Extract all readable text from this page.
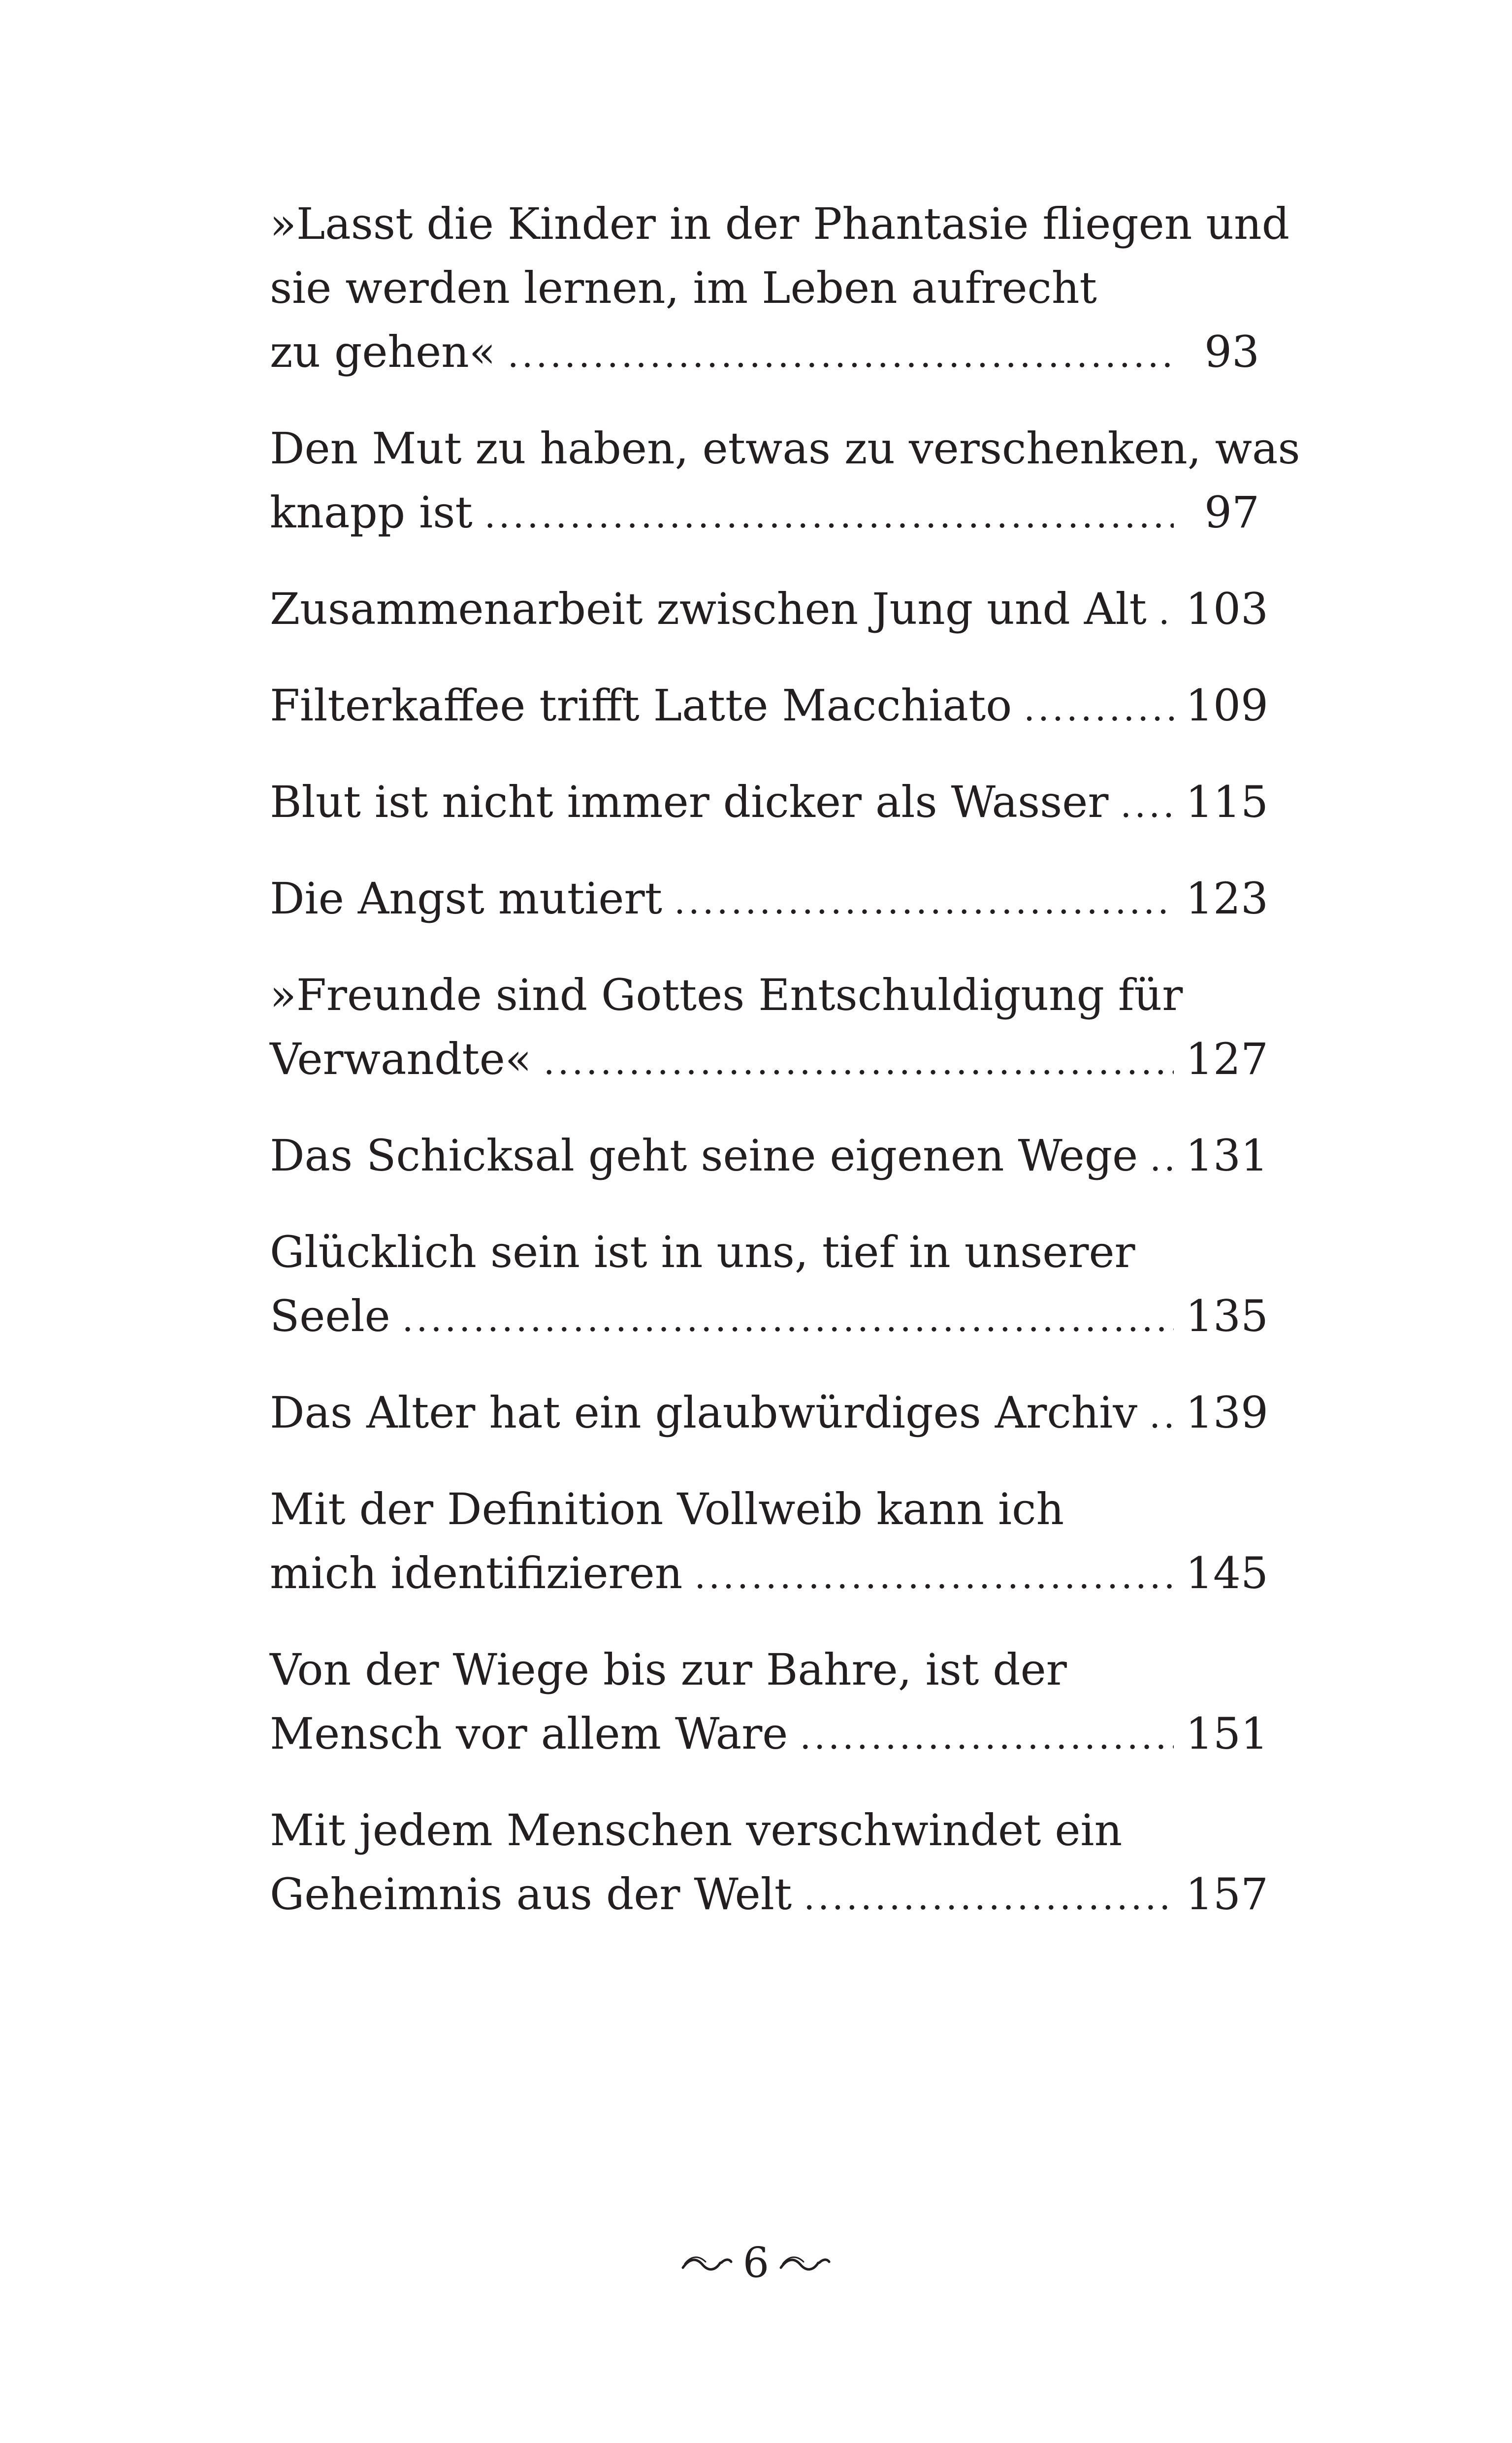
»Lasst die Kinder in der Phantasie fliegen und
sie werden lernen, im Leben aufrecht
zu gehen« .....	93
Den Mut zu haben, etwas zu verschenken, was
knapp ist .....	97
Zusammenarbeit zwischen Jung und Alt ..... 103
Filterkaffee trifft Latte Macchiato .....	109
Blut ist nicht immer dicker als Wasser ..... 115
Die Angst mutiert .....	123
»Freunde sind Gottes Entschuldigung für
Verwandte« .....	127
Das Schicksal geht seine eigenen Wege ..... 131
Glücklich sein ist in uns, tief in unserer
Seele .....	135
Das Alter hat ein glaubwürdiges Archiv ..... 139
Mit der Definition Vollweib kann ich
mich identifizieren .....	145
Von der Wiege bis zur Bahre, ist der
Mensch vor allem Ware .....	151
Mit jedem Menschen verschwindet ein
Geheimnis aus der Welt .....	157
6
